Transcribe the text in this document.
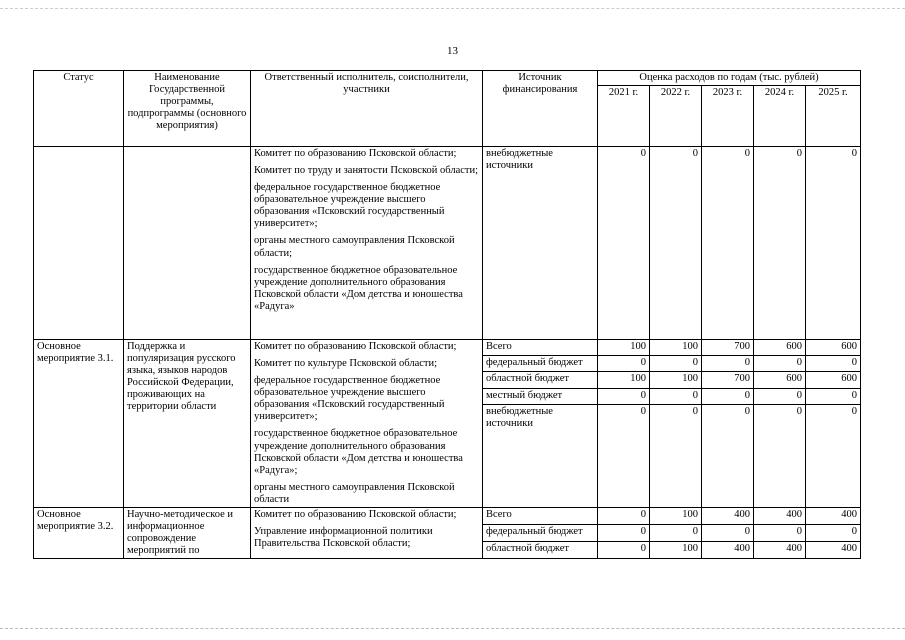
13
Статус	Наименование Государственной программы, подпрограммы (основного мероприятия)	Ответственный исполнитель, соисполнители, участники	Источник финансирования	Оценка расходов по годам (тыс. рублей)				
				2021 г.	2022 г.	2023 г.	2024 г.	2025 г.

		Комитет по образованию Псковской области;
Комитет по труду и занятости Псковской области;
федеральное государственное бюджетное образовательное учреждение высшего образования «Псковский государственный университет»;
органы местного самоуправления Псковской области;
государственное бюджетное образовательное учреждение дополнительного образования Псковской области «Дом детства и юношества «Радуга»	внебюджетные источники	0	0	0	0	0
Основное мероприятие 3.1.	Поддержка и популяризация русского языка, языков народов Российской Федерации, проживающих на территории области	Комитет по образованию Псковской области;
Комитет по культуре Псковской области;
федеральное государственное бюджетное образовательное учреждение высшего образования «Псковский государственный университет»;
государственное бюджетное образовательное учреждение дополнительного образования Псковской области «Дом детства и юношества «Радуга»;
органы местного самоуправления Псковской области	Всего	100	100	700	600	600
			федеральный бюджет	0	0	0	0	0
			областной бюджет	100	100	700	600	600
			местный бюджет	0	0	0	0	0
			внебюджетные источники	0	0	0	0	0
Основное мероприятие 3.2.	Научно-методическое и информационное сопровождение мероприятий по	Комитет по образованию Псковской области;
Управление информационной политики Правительства Псковской области;	Всего	0	100	400	400	400
			федеральный бюджет	0	0	0	0	0
			областной бюджет	0	100	400	400	400
